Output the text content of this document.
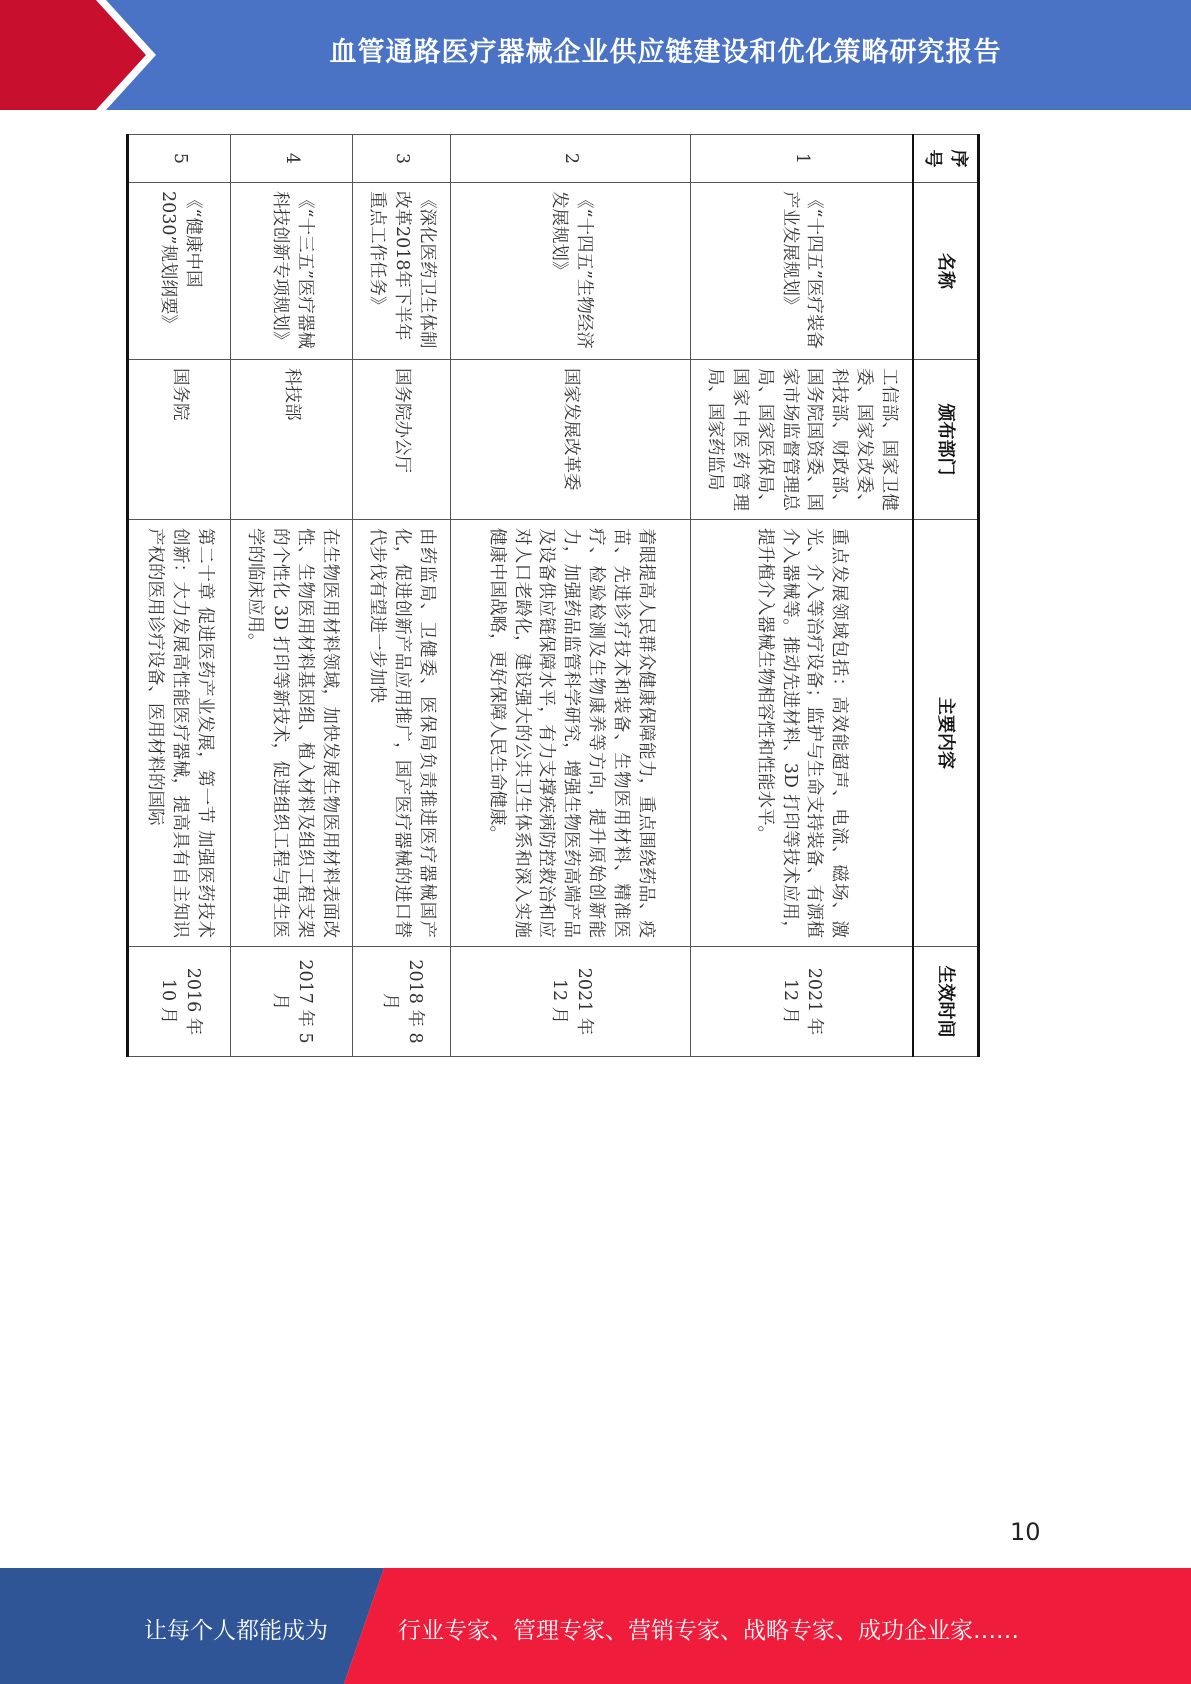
血管通路医疗器械企业供应链建设和优化策略研究报告
序号	名称	颁布部门	主要内容	生效时间
1	《“十四五”医疗装备产业发展规划》	工信部、国家卫健委、国家发改委、科技部、财政部、国务院国资委、国家市场监督管理总局、国家医保局、国家中医药管理局、国家药监局	重点发展领域包括：高效能超声、电流、磁场、激光、介入等治疗设备；监护与生命支持装备、有源植介入器械等。推动先进材料、3D 打印等技术应用，提升植介入器械生物相容性和性能水平。	2021 年 12 月
2	《“十四五”生物经济发展规划》	国家发展改革委	着眼提高人民群众健康保障能力，重点围绕药品、疫苗、先进诊疗技术和装备、生物医用材料、精准医疗、检验检测及生物康养等方向，提升原始创新能力，加强药品监管科学研究，增强生物医药高端产品及设备供应链保障水平，有力支撑疾病防控救治和应对人口老龄化，建设强大的公共卫生体系和深入实施健康中国战略，更好保障人民生命健康。	2021 年 12 月
3	《深化医药卫生体制改革2018年下半年重点工作任务》	国务院办公厅	由药监局、卫健委、医保局负责推进医疗器械国产化，促进创新产品应用推广，国产医疗器械的进口替代步伐有望进一步加快	2018 年 8 月
4	《“十三五”医疗器械科技创新专项规划》	科技部	在生物医用材料领域，加快发展生物医用材料表面改性、生物医用材料基因组、植入材料及组织工程支架的个性化 3D 打印等新技术，促进组织工程与再生医学的临床应用。	2017 年 5 月
5	《“健康中国 2030”规划纲要》	国务院	第二十章 促进医药产业发展，第一节 加强医药技术创新：大力发展高性能医疗器械，提高具有自主知识产权的医用诊疗设备、医用材料的国际	2016 年 10 月
10
让每个人都能成为	行业专家、管理专家、营销专家、战略专家、成功企业家……
